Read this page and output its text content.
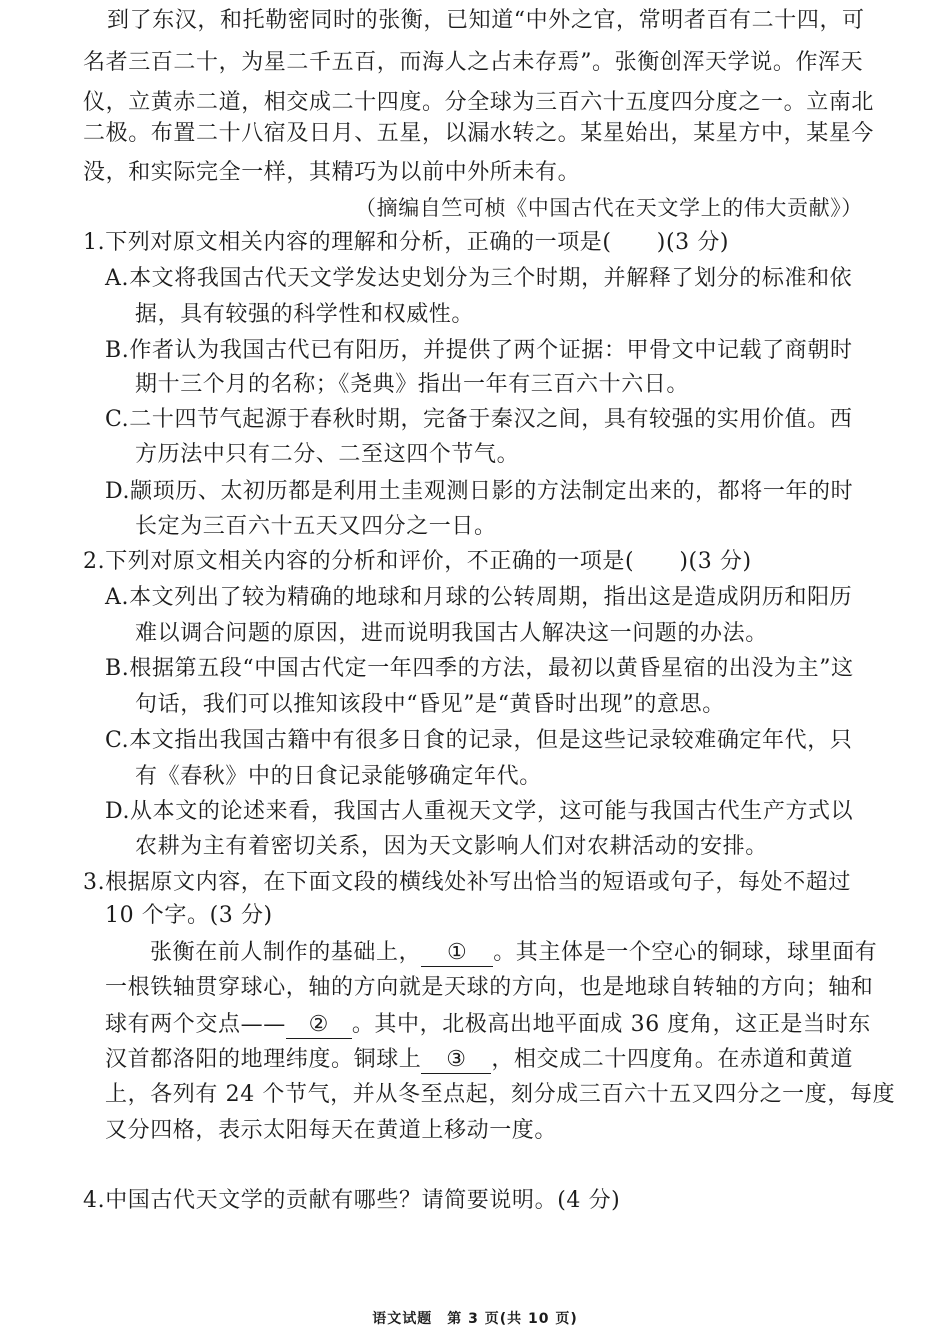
到了东汉，和托勒密同时的张衡，已知道“中外之官，常明者百有二十四，可
名者三百二十，为星二千五百，而海人之占未存焉”。张衡创浑天学说。作浑天
仪，立黄赤二道，相交成二十四度。分全球为三百六十五度四分度之一。立南北
二极。布置二十八宿及日月、五星，以漏水转之。某星始出，某星方中，某星今
没，和实际完全一样，其精巧为以前中外所未有。
（摘编自竺可桢《中国古代在天文学上的伟大贡献》）
1.下列对原文相关内容的理解和分析，正确的一项是(　　)(3 分)
A.本文将我国古代天文学发达史划分为三个时期，并解释了划分的标准和依
据，具有较强的科学性和权威性。
B.作者认为我国古代已有阳历，并提供了两个证据：甲骨文中记载了商朝时
期十三个月的名称；《尧典》指出一年有三百六十六日。
C.二十四节气起源于春秋时期，完备于秦汉之间，具有较强的实用价值。西
方历法中只有二分、二至这四个节气。
D.颛顼历、太初历都是利用土圭观测日影的方法制定出来的，都将一年的时
长定为三百六十五天又四分之一日。
2.下列对原文相关内容的分析和评价，不正确的一项是(　　)(3 分)
A.本文列出了较为精确的地球和月球的公转周期，指出这是造成阴历和阳历
难以调合问题的原因，进而说明我国古人解决这一问题的办法。
B.根据第五段“中国古代定一年四季的方法，最初以黄昏星宿的出没为主”这
句话，我们可以推知该段中“昏见”是“黄昏时出现”的意思。
C.本文指出我国古籍中有很多日食的记录，但是这些记录较难确定年代，只
有《春秋》中的日食记录能够确定年代。
D.从本文的论述来看，我国古人重视天文学，这可能与我国古代生产方式以
农耕为主有着密切关系，因为天文影响人们对农耕活动的安排。
3.根据原文内容，在下面文段的横线处补写出恰当的短语或句子，每处不超过
10 个字。(3 分)
张衡在前人制作的基础上， ① 。其主体是一个空心的铜球，球里面有
一根铁轴贯穿球心，轴的方向就是天球的方向，也是地球自转轴的方向；轴和
球有两个交点—— ② 。其中，北极高出地平面成 36 度角，这正是当时东
汉首都洛阳的地理纬度。铜球上 ③ ，相交成二十四度角。在赤道和黄道
上，各列有 24 个节气，并从冬至点起，刻分成三百六十五又四分之一度，每度
又分四格，表示太阳每天在黄道上移动一度。
4.中国古代天文学的贡献有哪些？请简要说明。(4 分)
语文试题　第 3 页(共 10 页)
